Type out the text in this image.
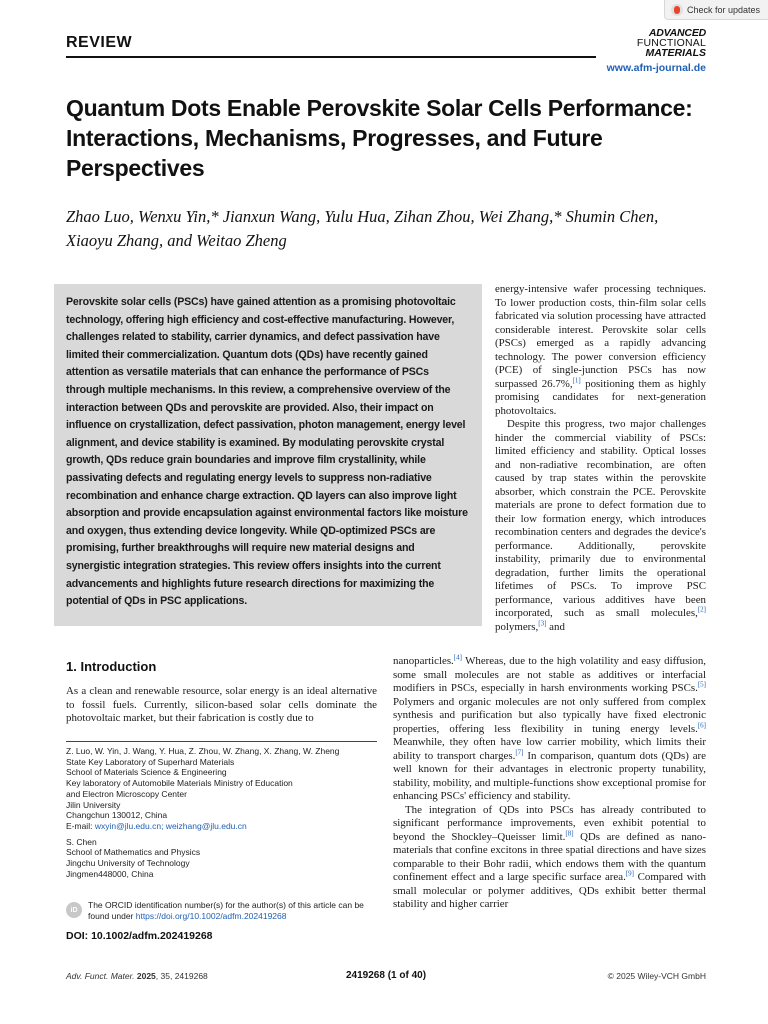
Check for updates
REVIEW
ADVANCED
FUNCTIONAL
MATERIALS
www.afm-journal.de
Quantum Dots Enable Perovskite Solar Cells Performance: Interactions, Mechanisms, Progresses, and Future Perspectives
Zhao Luo, Wenxu Yin,* Jianxun Wang, Yulu Hua, Zihan Zhou, Wei Zhang,* Shumin Chen, Xiaoyu Zhang, and Weitao Zheng

Perovskite solar cells (PSCs) have gained attention as a promising photovoltaic technology, offering high efficiency and cost-effective manufacturing. However, challenges related to stability, carrier dynamics, and defect passivation have limited their commercialization. Quantum dots (QDs) have recently gained attention as versatile materials that can enhance the performance of PSCs through multiple mechanisms. In this review, a comprehensive overview of the interaction between QDs and perovskite are provided. Also, their impact on influence on crystallization, defect passivation, photon management, energy level alignment, and device stability is examined. By modulating perovskite crystal growth, QDs reduce grain boundaries and improve film crystallinity, while passivating defects and regulating energy levels to suppress non-radiative recombination and enhance charge extraction. QD layers can also improve light absorption and provide encapsulation against environmental factors like moisture and oxygen, thus extending device longevity. While QD-optimized PSCs are promising, further breakthroughs will require new material designs and synergistic integration strategies. This review offers insights into the current advancements and highlights future research directions for maximizing the potential of QDs in PSC applications.

energy-intensive wafer processing techniques. To lower production costs, thin-film solar cells fabricated via solution processing have attracted considerable interest. Perovskite solar cells (PSCs) emerged as a rapidly advancing technology. The power conversion efficiency (PCE) of single-junction PSCs has now surpassed 26.7%,[1] positioning them as highly promising candidates for next-generation photovoltaics.

Despite this progress, two major challenges hinder the commercial viability of PSCs: limited efficiency and stability. Optical losses and non-radiative recombination, are often caused by trap states within the perovskite absorber, which constrain the PCE. Perovskite materials are prone to defect formation due to their low formation energy, which introduces recombination centers and degrades the device's performance. Additionally, perovskite instability, primarily due to environmental degradation, further limits the operational lifetimes of PSCs. To improve PSC performance, various additives have been incorporated, such as small molecules,[2] polymers,[3] and

1. Introduction

As a clean and renewable resource, solar energy is an ideal alternative to fossil fuels. Currently, silicon-based solar cells dominate the photovoltaic market, but their fabrication is costly due to

nanoparticles.[4] Whereas, due to the high volatility and easy diffusion, some small molecules are not stable as additives or interfacial modifiers in PSCs, especially in harsh environments working PSCs.[5] Polymers and organic molecules are not only suffered from complex synthesis and purification but also typically have fixed electronic properties, offering less flexibility in tuning energy levels.[6] Meanwhile, they often have low carrier mobility, which limits their ability to transport charges.[7] In comparison, quantum dots (QDs) are well known for their advantages in electronic property tunability, stability, mobility, and multiple-functions show exceptional promise for enhancing PSCs' efficiency and stability.

The integration of QDs into PSCs has already contributed to significant performance improvements, even exhibit potential to beyond the Shockley–Queisser limit.[8] QDs are defined as nano-materials that confine excitons in three spatial directions and have sizes comparable to their Bohr radii, which endows them with the quantum confinement effect and a large specific surface area.[9] Compared with small molecular or polymer additives, QDs exhibit better thermal stability and higher carrier

Z. Luo, W. Yin, J. Wang, Y. Hua, Z. Zhou, W. Zhang, X. Zhang, W. Zheng
State Key Laboratory of Superhard Materials
School of Materials Science & Engineering
Key laboratory of Automobile Materials Ministry of Education
and Electron Microscopy Center
Jilin University
Changchun 130012, China
E-mail: wxyin@jlu.edu.cn; weizhang@jlu.edu.cn
S. Chen
School of Mathematics and Physics
Jingchu University of Technology
Jingmen448000, China
iD	The ORCID identification number(s) for the author(s) of this article can be found under https://doi.org/10.1002/adfm.202419268
DOI: 10.1002/adfm.202419268
Adv. Funct. Mater. 2025, 35, 2419268	2419268 (1 of 40)	© 2025 Wiley-VCH GmbH
